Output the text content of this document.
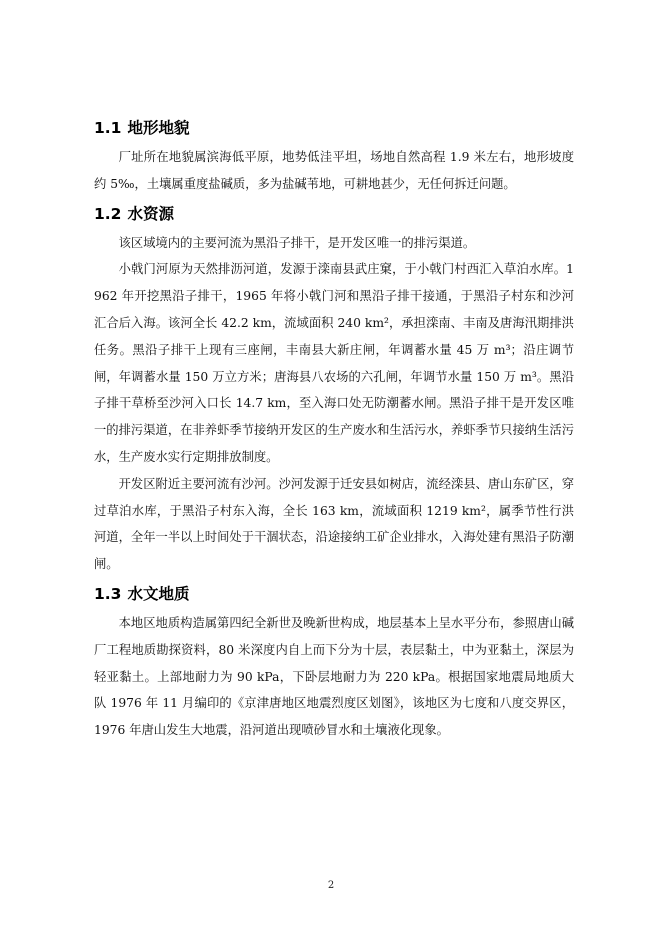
1.1 地形地貌

厂址所在地貌属滨海低平原，地势低洼平坦，场地自然高程 1.9 米左右，地形坡度约 5‰，土壤属重度盐碱质，多为盐碱苇地，可耕地甚少，无任何拆迁问题。

1.2 水资源

该区域境内的主要河流为黑沿子排干，是开发区唯一的排污渠道。

小戟门河原为天然排沥河道，发源于滦南县武庄窠，于小戟门村西汇入草泊水库。1962 年开挖黑沿子排干，1965 年将小戟门河和黑沿子排干接通，于黑沿子村东和沙河汇合后入海。该河全长 42.2 km，流域面积 240 km²，承担滦南、丰南及唐海汛期排洪任务。黑沿子排干上现有三座闸，丰南县大新庄闸，年调蓄水量 45 万 m³；沿庄调节闸，年调蓄水量 150 万立方米；唐海县八农场的六孔闸，年调节水量 150 万 m³。黑沿子排干草桥至沙河入口长 14.7 km，至入海口处无防潮蓄水闸。黑沿子排干是开发区唯一的排污渠道，在非养虾季节接纳开发区的生产废水和生活污水，养虾季节只接纳生活污水，生产废水实行定期排放制度。

开发区附近主要河流有沙河。沙河发源于迁安县如树店，流经滦县、唐山东矿区，穿过草泊水库，于黑沿子村东入海，全长 163 km，流域面积 1219 km²，属季节性行洪河道，全年一半以上时间处于干涸状态，沿途接纳工矿企业排水，入海处建有黑沿子防潮闸。

1.3 水文地质

本地区地质构造属第四纪全新世及晚新世构成，地层基本上呈水平分布，参照唐山碱厂工程地质勘探资料，80 米深度内自上而下分为十层，表层黏土，中为亚黏土，深层为轻亚黏土。上部地耐力为 90 kPa，下卧层地耐力为 220 kPa。根据国家地震局地质大队 1976 年 11 月编印的《京津唐地区地震烈度区划图》，该地区为七度和八度交界区，1976 年唐山发生大地震，沿河道出现喷砂冒水和土壤液化现象。

2
